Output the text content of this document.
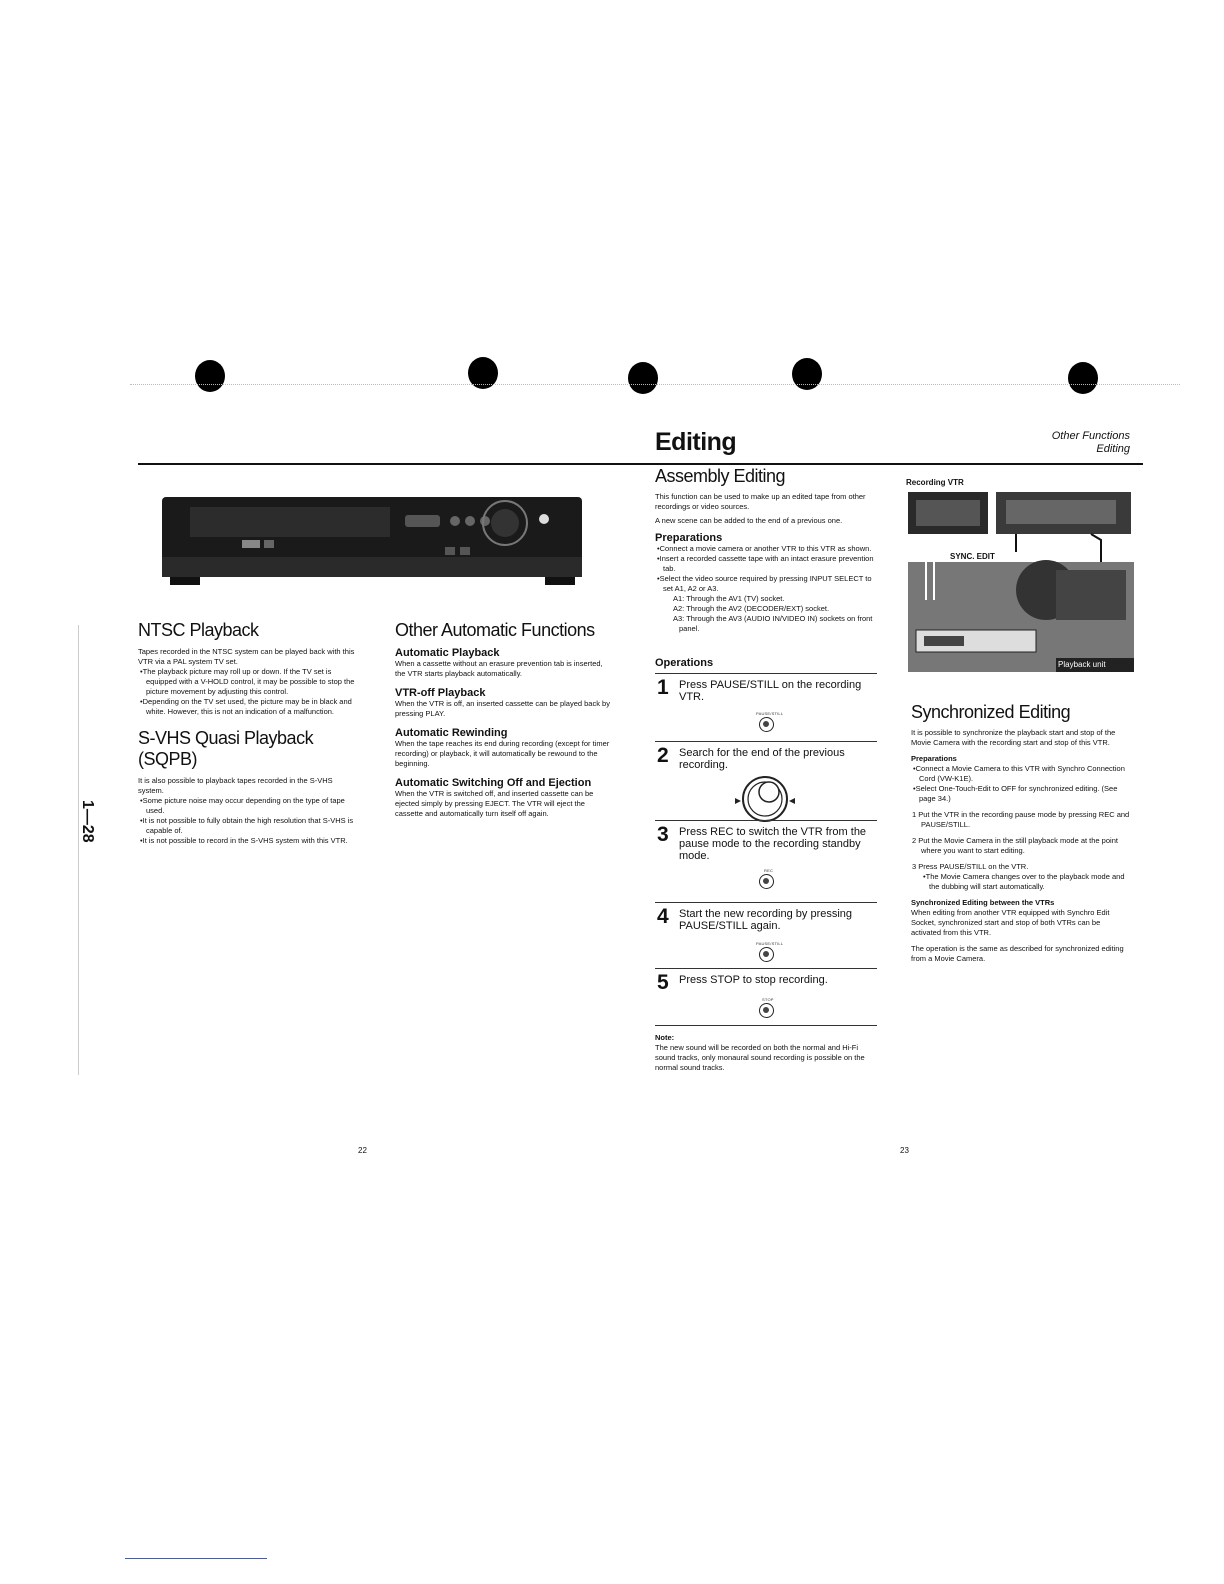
Editing	Other Functions
Editing
1—28
NTSC Playback

Tapes recorded in the NTSC system can be played back with this VTR via a PAL system TV set.

•The playback picture may roll up or down. If the TV set is equipped with a V-HOLD control, it may be possible to stop the picture movement by adjusting this control.

•Depending on the TV set used, the picture may be in black and white. However, this is not an indication of a malfunction.

S-VHS Quasi Playback
(SQPB)

It is also possible to playback tapes recorded in the S-VHS system.

•Some picture noise may occur depending on the type of tape used.

•It is not possible to fully obtain the high resolution that S-VHS is capable of.

•It is not possible to record in the S-VHS system with this VTR.

Other Automatic Functions
Automatic Playback

When a cassette without an erasure prevention tab is inserted, the VTR starts playback automatically.

VTR-off Playback

When the VTR is off, an inserted cassette can be played back by pressing PLAY.

Automatic Rewinding

When the tape reaches its end during recording (except for timer recording) or playback, it will automatically be rewound to the beginning.

Automatic Switching Off and Ejection

When the VTR is switched off, and inserted cassette can be ejected simply by pressing EJECT. The VTR will eject the cassette and automatically turn itself off again.

22
Assembly Editing

This function can be used to make up an edited tape from other recordings or video sources.

A new scene can be added to the end of a previous one.

Preparations

•Connect a movie camera or another VTR to this VTR as shown.

•Insert a recorded cassette tape with an intact erasure prevention tab.

•Select the video source required by pressing INPUT SELECT to set A1, A2 or A3.

A1: Through the AV1 (TV) socket.

A2: Through the AV2 (DECODER/EXT) socket.

A3: Through the AV3 (AUDIO IN/VIDEO IN) sockets on front panel.

Operations
1 Press PAUSE/STILL on the recording VTR.
PAUSE/STILL
2 Search for the end of the previous recording.
3 Press REC to switch the VTR from the pause mode to the recording standby mode.
REC
4 Start the new recording by pressing PAUSE/STILL again.
PAUSE/STILL
5 Press STOP to stop recording.
STOP

Note:

The new sound will be recorded on both the normal and Hi-Fi sound tracks, only monaural sound recording is possible on the normal sound tracks.

Recording VTR
SYNC. EDIT
Playback unit
Synchronized Editing

It is possible to synchronize the playback start and stop of the Movie Camera with the recording start and stop of this VTR.

Preparations

•Connect a Movie Camera to this VTR with Synchro Connection Cord (VW-K1E).

•Select One-Touch-Edit to OFF for synchronized editing. (See page 34.)

1 Put the VTR in the recording pause mode by pressing REC and PAUSE/STILL.

2 Put the Movie Camera in the still playback mode at the point where you want to start editing.

3 Press PAUSE/STILL on the VTR.

•The Movie Camera changes over to the playback mode and the dubbing will start automatically.

Synchronized Editing between the VTRs

When editing from another VTR equipped with Synchro Edit Socket, synchronized start and stop of both VTRs can be activated from this VTR.

The operation is the same as described for synchronized editing from a Movie Camera.

23
